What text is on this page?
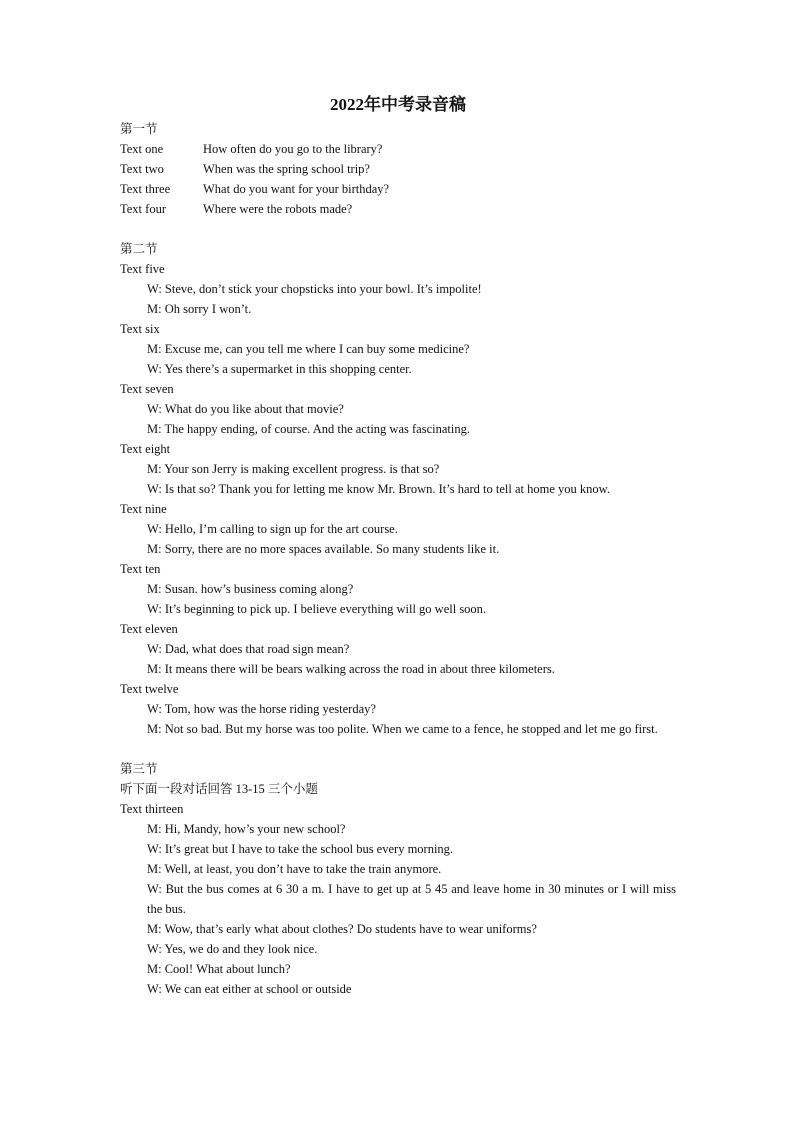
2022年中考录音稿
第一节
Text one	How often do you go to the library?
Text two	When was the spring school trip?
Text three	What do you want for your birthday?
Text four	Where were the robots made?
第二节
Text five
W: Steve, don’t stick your chopsticks into your bowl. It’s impolite!
M: Oh sorry I won’t.
Text six
M: Excuse me, can you tell me where I can buy some medicine?
W: Yes there’s a supermarket in this shopping center.
Text seven
W: What do you like about that movie?
M: The happy ending, of course. And the acting was fascinating.
Text eight
M: Your son Jerry is making excellent progress. is that so?
W: Is that so? Thank you for letting me know Mr. Brown. It’s hard to tell at home you know.
Text nine
W: Hello, I’m calling to sign up for the art course.
M: Sorry, there are no more spaces available. So many students like it.
Text ten
M: Susan. how’s business coming along?
W: It’s beginning to pick up. I believe everything will go well soon.
Text eleven
W: Dad, what does that road sign mean?
M: It means there will be bears walking across the road in about three kilometers.
Text twelve
W: Tom, how was the horse riding yesterday?
M: Not so bad. But my horse was too polite. When we came to a fence, he stopped and let me go first.
第三节
听下面一段对话回答 13-15 三个小题
Text thirteen
M: Hi, Mandy, how’s your new school?
W: It’s great but I have to take the school bus every morning.
M: Well, at least, you don’t have to take the train anymore.
W: But the bus comes at 6 30 a m. I have to get up at 5 45 and leave home in 30 minutes or I will miss the bus.
M: Wow, that’s early what about clothes? Do students have to wear uniforms?
W: Yes, we do and they look nice.
M: Cool! What about lunch?
W: We can eat either at school or outside
